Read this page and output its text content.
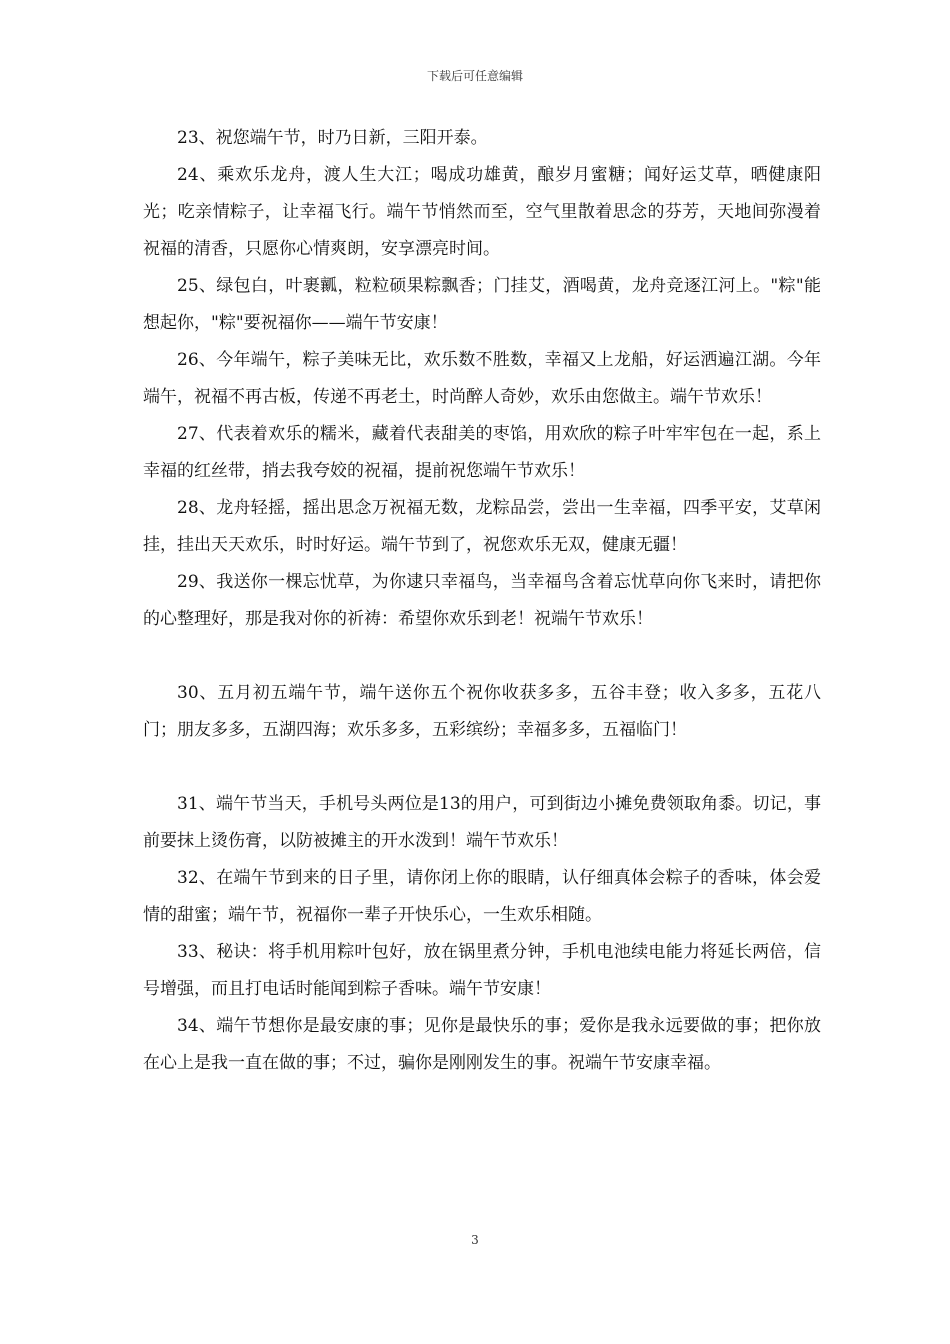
下载后可任意编辑

23、祝您端午节，时乃日新，三阳开泰。

24、乘欢乐龙舟，渡人生大江；喝成功雄黄，酿岁月蜜糖；闻好运艾草，晒健康阳光；吃亲情粽子，让幸福飞行。端午节悄然而至，空气里散着思念的芬芳，天地间弥漫着祝福的清香，只愿你心情爽朗，安享漂亮时间。

25、绿包白，叶裹瓤，粒粒硕果粽飘香；门挂艾，酒喝黄，龙舟竞逐江河上。"粽"能想起你，"粽"要祝福你——端午节安康！

26、今年端午，粽子美味无比，欢乐数不胜数，幸福又上龙船，好运洒遍江湖。今年端午，祝福不再古板，传递不再老土，时尚醉人奇妙，欢乐由您做主。端午节欢乐！

27、代表着欢乐的糯米，藏着代表甜美的枣馅，用欢欣的粽子叶牢牢包在一起，系上幸福的红丝带，捎去我夸姣的祝福，提前祝您端午节欢乐！

28、龙舟轻摇，摇出思念万祝福无数，龙粽品尝，尝出一生幸福，四季平安，艾草闲挂，挂出天天欢乐，时时好运。端午节到了，祝您欢乐无双，健康无疆！

29、我送你一棵忘忧草，为你逮只幸福鸟，当幸福鸟含着忘忧草向你飞来时，请把你的心整理好，那是我对你的祈祷：希望你欢乐到老！祝端午节欢乐！

30、五月初五端午节，端午送你五个祝你收获多多，五谷丰登；收入多多，五花八门；朋友多多，五湖四海；欢乐多多，五彩缤纷；幸福多多，五福临门！

31、端午节当天，手机号头两位是13的用户，可到街边小摊免费领取角黍。切记，事前要抹上烫伤膏，以防被摊主的开水泼到！端午节欢乐！

32、在端午节到来的日子里，请你闭上你的眼睛，认仔细真体会粽子的香味，体会爱情的甜蜜；端午节，祝福你一辈子开快乐心，一生欢乐相随。

33、秘诀：将手机用粽叶包好，放在锅里煮分钟，手机电池续电能力将延长两倍，信号增强，而且打电话时能闻到粽子香味。端午节安康！

34、端午节想你是最安康的事；见你是最快乐的事；爱你是我永远要做的事；把你放在心上是我一直在做的事；不过，骗你是刚刚发生的事。祝端午节安康幸福。

3
